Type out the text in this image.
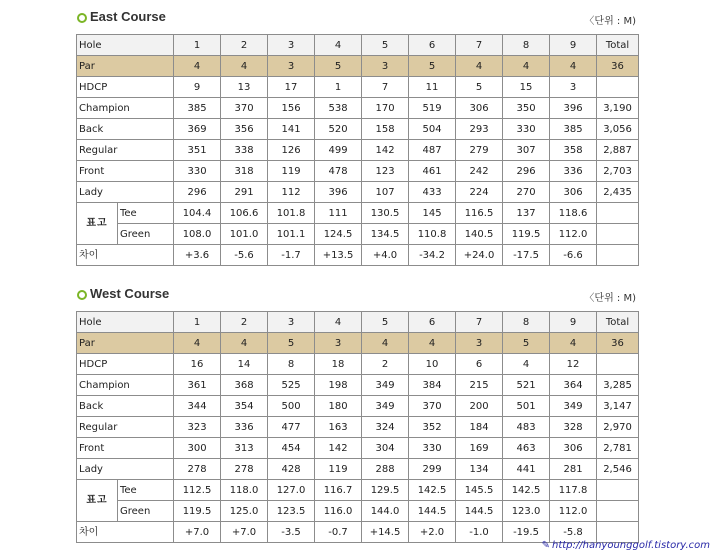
East Course	〈단위 : M)
Hole		1	2	3	4	5	6	7	8	9	Total
Par		4	4	3	5	3	5	4	4	4	36
HDCP		9	13	17	1	7	11	5	15	3	
Champion		385	370	156	538	170	519	306	350	396	3,190
Back		369	356	141	520	158	504	293	330	385	3,056
Regular		351	338	126	499	142	487	279	307	358	2,887
Front		330	318	119	478	123	461	242	296	336	2,703
Lady		296	291	112	396	107	433	224	270	306	2,435
표고	Tee	104.4	106.6	101.8	111	130.5	145	116.5	137	118.6	
	Green	108.0	101.0	101.1	124.5	134.5	110.8	140.5	119.5	112.0	
차이		+3.6	-5.6	-1.7	+13.5	+4.0	-34.2	+24.0	-17.5	-6.6	
West Course	〈단위 : M)
Hole		1	2	3	4	5	6	7	8	9	Total
Par		4	4	5	3	4	4	3	5	4	36
HDCP		16	14	8	18	2	10	6	4	12	
Champion		361	368	525	198	349	384	215	521	364	3,285
Back		344	354	500	180	349	370	200	501	349	3,147
Regular		323	336	477	163	324	352	184	483	328	2,970
Front		300	313	454	142	304	330	169	463	306	2,781
Lady		278	278	428	119	288	299	134	441	281	2,546
표고	Tee	112.5	118.0	127.0	116.7	129.5	142.5	145.5	142.5	117.8	
	Green	119.5	125.0	123.5	116.0	144.0	144.5	144.5	123.0	112.0	
차이		+7.0	+7.0	-3.5	-0.7	+14.5	+2.0	-1.0	-19.5	-5.8	
✎ http://hanyounggolf.tistory.com
